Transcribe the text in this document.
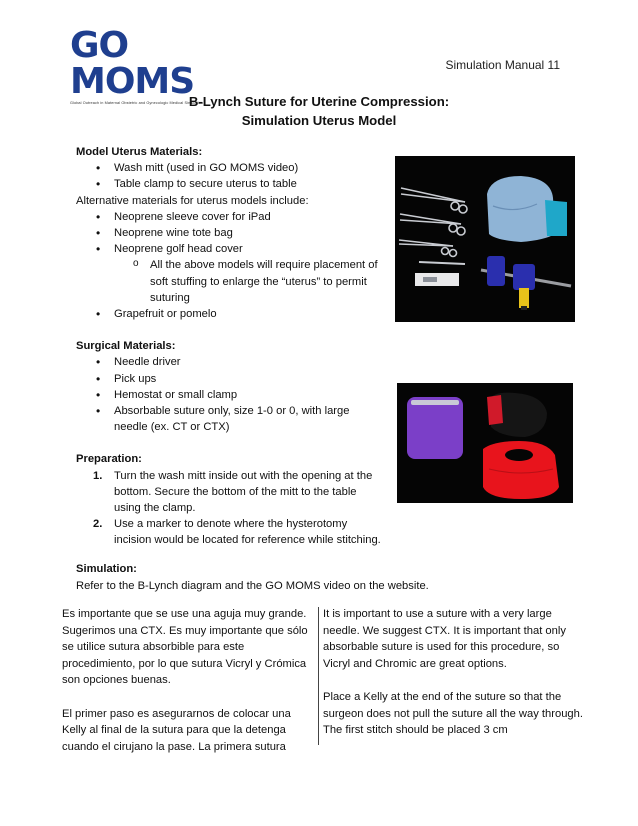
GO MOMS
Global Outreach in Maternal Obstetric and Gynecologic Medical Simulation
Simulation Manual 11
B-Lynch Suture for Uterine Compression:
Simulation Uterus Model
Model Uterus Materials:
• Wash mitt (used in GO MOMS video)
• Table clamp to secure uterus to table
Alternative materials for uterus models include:
• Neoprene sleeve cover for iPad
• Neoprene wine tote bag
• Neoprene golf head cover
o All the above models will require placement of soft stuffing to enlarge the “uterus” to permit suturing
• Grapefruit or pomelo
Surgical Materials:
• Needle driver
• Pick ups
• Hemostat or small clamp
• Absorbable suture only, size 1-0 or 0, with large needle (ex. CT or CTX)
Preparation:
1. Turn the wash mitt inside out with the opening at the bottom. Secure the bottom of the mitt to the table using the clamp.
2. Use a marker to denote where the hysterotomy incision would be located for reference while stitching.
Simulation:
Refer to the B-Lynch diagram and the GO MOMS video on the website.
Es importante que se use una aguja muy grande. Sugerimos una CTX. Es muy importante que sólo se utilice sutura absorbible para este procedimiento, por lo que sutura Vicryl y Crómica son opciones buenas.
El primer paso es asegurarnos de colocar una Kelly al final de la sutura para que la detenga cuando el cirujano la pase. La primera sutura
It is important to use a suture with a very large needle. We suggest CTX. It is important that only absorbable suture is used for this procedure, so Vicryl and Chromic are great options.
Place a Kelly at the end of the suture so that the surgeon does not pull the suture all the way through. The first stitch should be placed 3 cm
